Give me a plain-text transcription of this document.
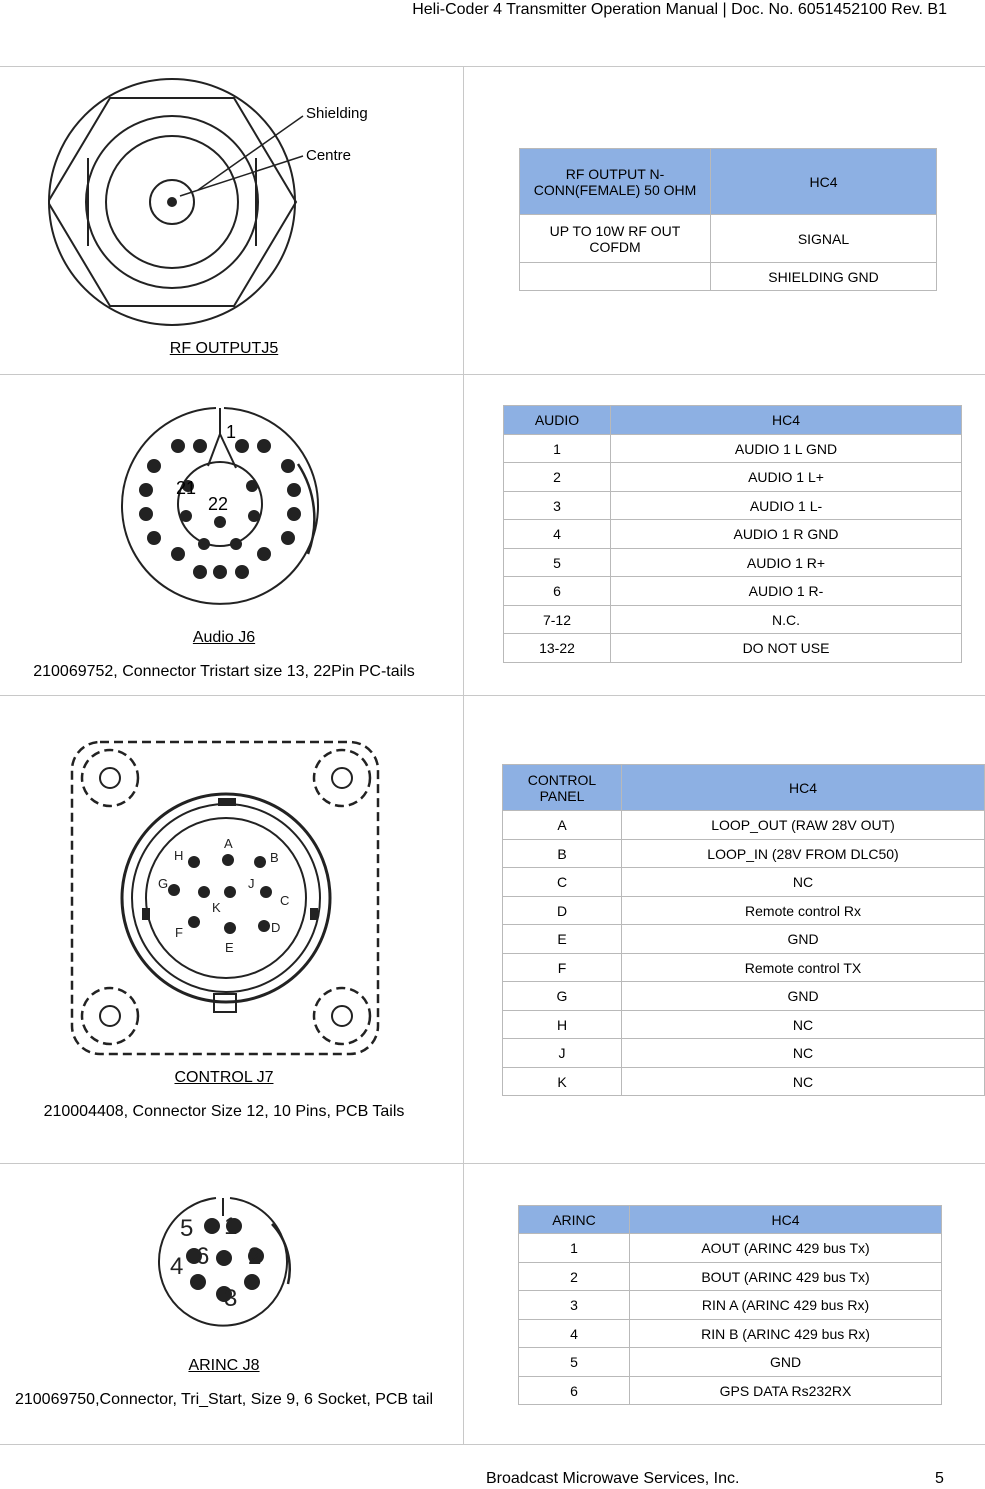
Heli-Coder 4 Transmitter Operation Manual | Doc. No. 6051452100 Rev. B1
Shielding
Centre
RF OUTPUTJ5
RF OUTPUT N-CONN(FEMALE) 50 OHM	HC4
UP TO 10W RF OUT COFDM	SIGNAL
	SHIELDING GND
1
21
22
Audio J6
210069752, Connector Tristart size 13, 22Pin PC-tails
AUDIO	HC4
1	AUDIO 1 L GND
2	AUDIO 1 L+
3	AUDIO 1 L-
4	AUDIO 1 R GND
5	AUDIO 1 R+
6	AUDIO 1 R-
7-12	N.C.
13-22	DO NOT USE
A
B
C
D
E
F
G
H
J
K
CONTROL J7
210004408, Connector Size 12, 10 Pins, PCB Tails
CONTROL PANEL	HC4
A	LOOP_OUT (RAW 28V OUT)
B	LOOP_IN (28V FROM DLC50)
C	NC
D	Remote control Rx
E	GND
F	Remote control TX
G	GND
H	NC
J	NC
K	NC
1
2
3
4
5
6
ARINC J8
210069750,Connector, Tri_Start, Size 9, 6 Socket, PCB tail
ARINC	HC4
1	AOUT (ARINC 429 bus Tx)
2	BOUT (ARINC 429 bus Tx)
3	RIN A (ARINC 429 bus Rx)
4	RIN B (ARINC 429 bus Rx)
5	GND
6	GPS DATA Rs232RX
Broadcast Microwave Services, Inc.	5
